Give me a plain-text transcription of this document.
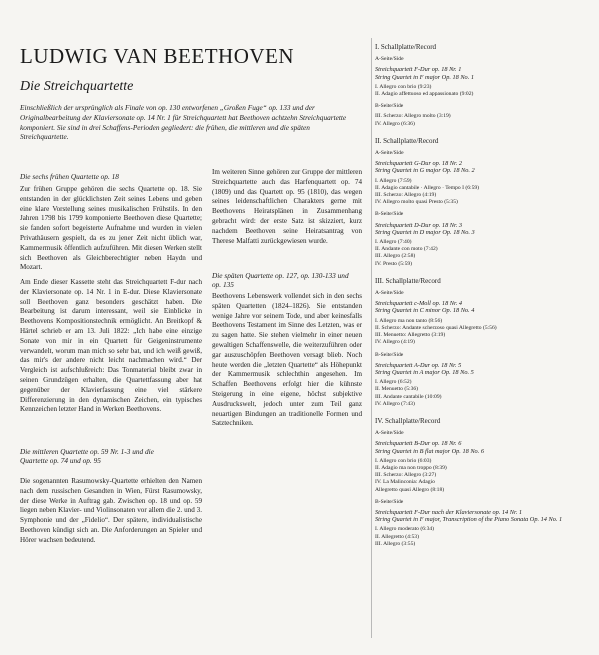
LUDWIG VAN BEETHOVEN
Die Streichquartette
Einschließlich der ursprünglich als Finale von op. 130 entworfenen „Großen Fuge“ op. 133 und der Originalbearbeitung der Klaviersonate op. 14 Nr. 1 für Streichquartett hat Beethoven achtzehn Streichquartette komponiert. Sie sind in drei Schaffens-Perioden gegliedert: die frühen, die mittleren und die späten Streichquartette.
Die sechs frühen Quartette op. 18

Zur frühen Gruppe gehören die sechs Quartette op. 18. Sie entstanden in der glücklichsten Zeit seines Lebens und geben eine klare Vorstellung seines musikalischen Frühstils. In den Jahren 1798 bis 1799 komponierte Beethoven diese Quartette; sie fanden sofort begeisterte Aufnahme und wurden in vielen Privathäusern gespielt, da es zu jener Zeit nicht üblich war, Kammermusik öffentlich aufzuführen. Mit diesen Werken stellt sich Beethoven als Gleichberechtigter neben Haydn und Mozart.

Am Ende dieser Kassette steht das Streichquartett F-dur nach der Klaviersonate op. 14 Nr. 1 in E-dur. Diese Klaviersonate soll Beethoven ganz besonders geschätzt haben. Die Bearbeitung ist darum interessant, weil sie Einblicke in Beethovens Kompositionstechnik ermöglicht. An Breitkopf & Härtel schrieb er am 13. Juli 1822: „Ich habe eine einzige Sonate von mir in ein Quartett für Geigeninstrumente verwandelt, worum man mich so sehr bat, und ich weiß gewiß, das mir's der andere nicht leicht nachmachen wird.“ Der Vergleich ist aufschlußreich: Das Tonmaterial bleibt zwar in seinen Grundzügen erhalten, die Quartettfassung aber hat gegenüber der Klavierfassung eine viel stärkere Differenzierung in den dynamischen Zeichen, ein typisches Kennzeichen letzter Hand in Werken Beethovens.

Die mittleren Quartette op. 59 Nr. 1-3 und die Quartette op. 74 und op. 95

Die sogenannten Rasumowsky-Quartette erhielten den Namen nach dem russischen Gesandten in Wien, Fürst Rasumowsky, der diese Werke in Auftrag gab. Zwischen op. 18 und op. 59 liegen neben Klavier- und Violinsonaten vor allem die 2. und 3. Symphonie und der „Fidelio“. Der spätere, individualistische Beethoven kündigt sich an. Die Anforderungen an Spieler und Hörer wachsen bedeutend.

Im weiteren Sinne gehören zur Gruppe der mittleren Streichquartette auch das Harfenquartett op. 74 (1809) und das Quartett op. 95 (1810), das wegen seines leidenschaftlichen Charakters gerne mit Beethovens Heiratsplänen in Zusammenhang gebracht wird: der erste Satz ist skizziert, kurz nachdem Beethoven seine Heiratsantrag von Therese Malfatti zurückgewiesen wurde.

Die späten Quartette op. 127, op. 130-133 und op. 135

Beethovens Lebenswerk vollendet sich in den sechs späten Quartetten (1824–1826). Sie entstanden wenige Jahre vor seinem Tode, und aber keinesfalls Beethovens Testament im Sinne des Letzten, was er zu sagen hatte. Sie stehen vielmehr in einer neuen gewaltigen Schaffenswelle, die weiterzuführen oder gar auszuschöpfen Beethoven versagt blieb. Noch heute werden die „letzten Quartette“ als Höhepunkt der Kammermusik schlechthin angesehen. Im Schaffen Beethovens erfolgt hier die kühnste Steigerung in eine eigene, höchst subjektive Ausdruckswelt, jedoch unter zum Teil ganz neuartigen Bindungen an traditionelle Formen und Satztechniken.

I. Schallplatte/Record
A-Seite/Side
Streichquartett F-Dur op. 18 Nr. 1
String Quartet in F major Op. 18 No. 1
I. Allegro con brio (9:23)
II. Adagio affettuoso ed appassionato (9:02)
B-Seite/Side
III. Scherzo: Allegro molto (3:19)
IV. Allegro (6:36)
II. Schallplatte/Record
A-Seite/Side
Streichquartett G-Dur op. 18 Nr. 2
String Quartet in G major Op. 18 No. 2
I. Allegro (7:59)
II. Adagio cantabile · Allegro · Tempo I (6:59)
III. Scherzo: Allegro (4:19)
IV. Allegro molto quasi Presto (5:35)
B-Seite/Side
Streichquartett D-Dur op. 18 Nr. 3
String Quartet in D major Op. 18 No. 3
I. Allegro (7:40)
II. Andante con moto (7:42)
III. Allegro (2:58)
IV. Presto (5:59)
III. Schallplatte/Record
A-Seite/Side
Streichquartett c-Moll op. 18 Nr. 4
String Quartet in C minor Op. 18 No. 4
I. Allegro ma non tanto (8:56)
II. Scherzo: Andante scherzoso quasi Allegretto (5:56)
III. Menuetto: Allegretto (3:19)
IV. Allegro (4:19)
B-Seite/Side
Streichquartett A-Dur op. 18 Nr. 5
String Quartet in A major Op. 18 No. 5
I. Allegro (6:52)
II. Menuetto (5:36)
III. Andante cantabile (10:09)
IV. Allegro (7:43)
IV. Schallplatte/Record
A-Seite/Side
Streichquartett B-Dur op. 18 Nr. 6
String Quartet in B flat major Op. 18 No. 6
I. Allegro con brio (6:03)
II. Adagio ma non troppo (8:39)
III. Scherzo: Allegro (3:27)
IV. La Malinconia: Adagio
Allegretto quasi Allegro (8:18)
B-Seite/Side
Streichquartett F-Dur nach der Klaviersonate op. 14 Nr. 1
String Quartet in F major, Transcription of the Piano Sonata Op. 14 No. 1
I. Allegro moderato (6:34)
II. Allegretto (4:53)
III. Allegro (3:55)
